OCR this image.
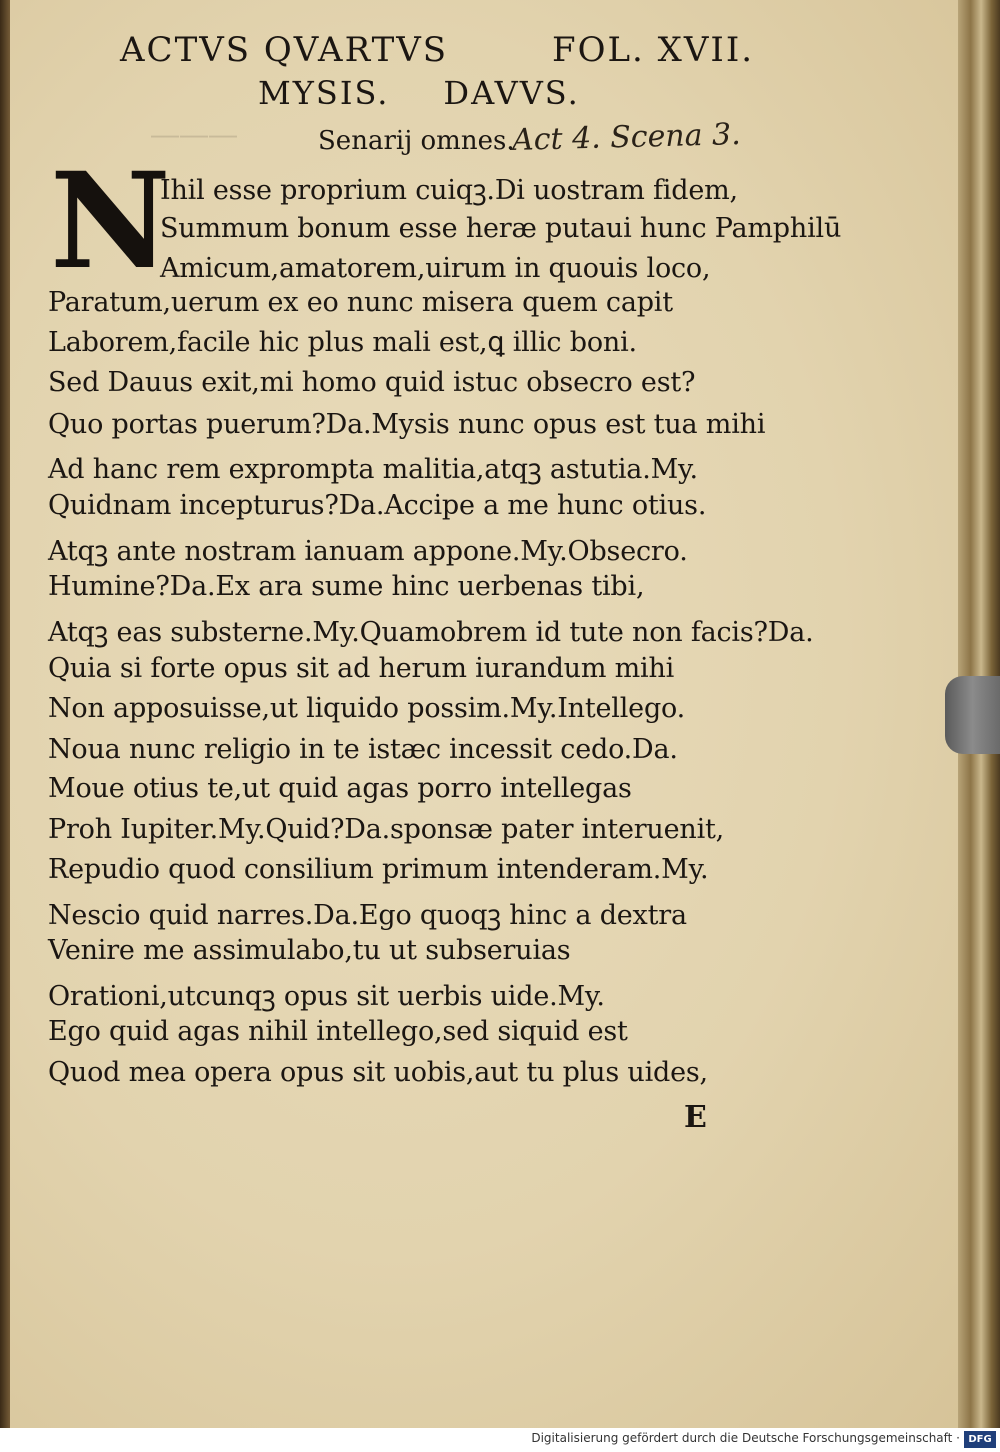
―――
ACTVS QVARTVS	FOL. XVII.
MYSIS. DAVVS.
Senarij omnes.
Act 4. Scena 3.
N
Ihil esse proprium cuiqꝫ.Di uostram fidem,
Summum bonum esse heræ putaui hunc Pamphilū
Amicum,amatorem,uirum in quouis loco,
Paratum,uerum ex eo nunc misera quem capit
Laborem,facile hic plus mali est,ꝗ illic boni.
Sed Dauus exit,mi homo quid istuc obsecro est?
Quo portas puerum?Da.Mysis nunc opus est tua mihi
Ad hanc rem exprompta malitia,atqꝫ astutia.My.
Quidnam incepturus?Da.Accipe a me hunc otius.
Atqꝫ ante nostram ianuam appone.My.Obsecro.
Humine?Da.Ex ara sume hinc uerbenas tibi,
Atqꝫ eas substerne.My.Quamobrem id tute non facis?Da.
Quia si forte opus sit ad herum iurandum mihi
Non apposuisse,ut liquido possim.My.Intellego.
Noua nunc religio in te istæc incessit cedo.Da.
Moue otius te,ut quid agas porro intellegas
Proh Iupiter.My.Quid?Da.sponsæ pater interuenit,
Repudio quod consilium primum intenderam.My.
Nescio quid narres.Da.Ego quoqꝫ hinc a dextra
Venire me assimulabo,tu ut subseruias
Orationi,utcunqꝫ opus sit uerbis uide.My.
Ego quid agas nihil intellego,sed siquid est
Quod mea opera opus sit uobis,aut tu plus uides,
E
Digitalisierung gefördert durch die Deutsche Forschungsgemeinschaft · DFG
